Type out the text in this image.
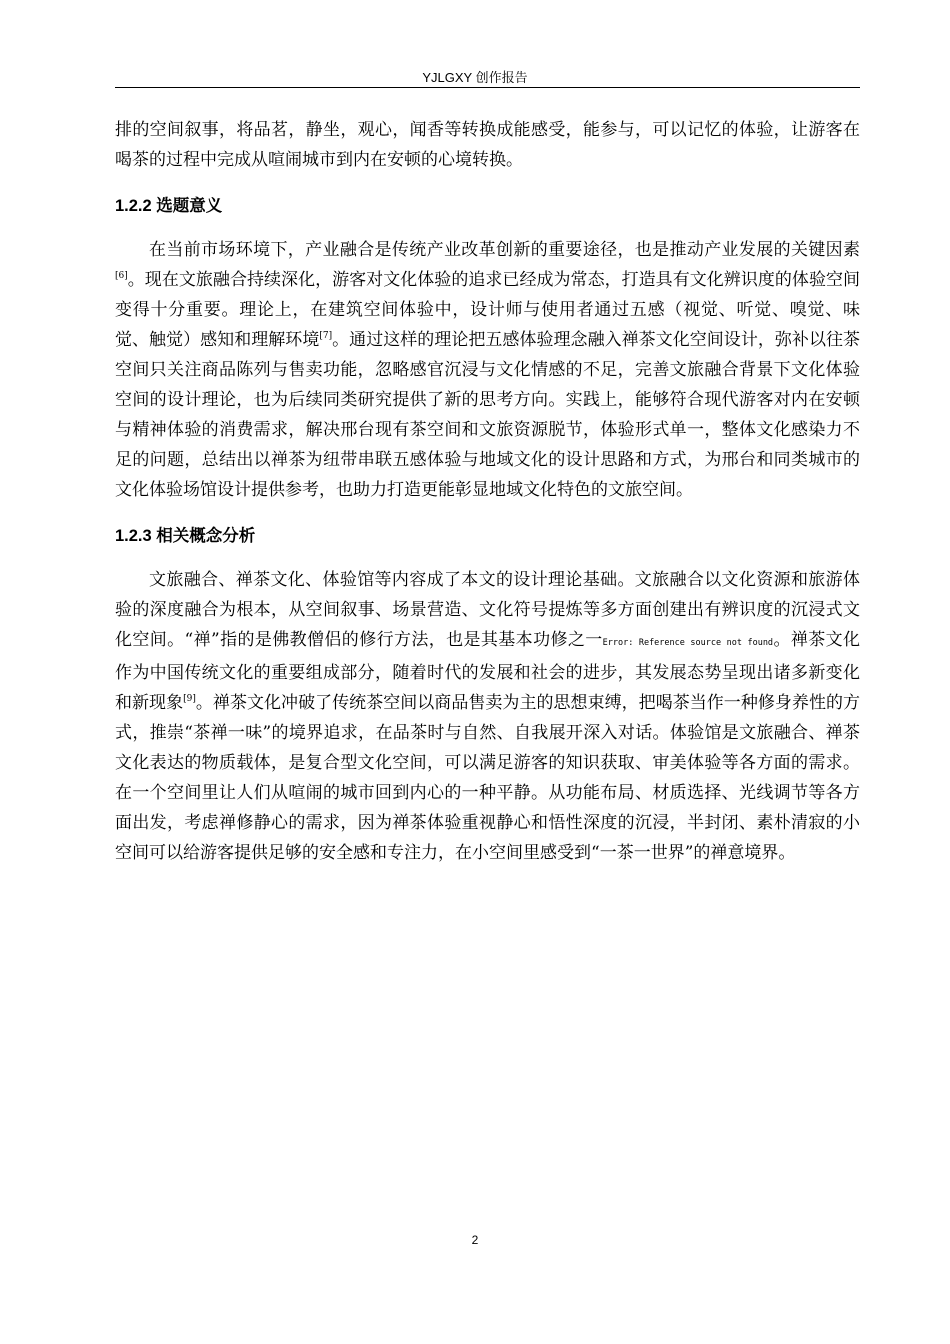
YJLGXY 创作报告

排的空间叙事，将品茗，静坐，观心，闻香等转换成能感受，能参与，可以记忆的体验，让游客在喝茶的过程中完成从喧闹城市到内在安顿的心境转换。

1.2.2 选题意义

在当前市场环境下，产业融合是传统产业改革创新的重要途径，也是推动产业发展的关键因素[6]。现在文旅融合持续深化，游客对文化体验的追求已经成为常态，打造具有文化辨识度的体验空间变得十分重要。理论上，在建筑空间体验中，设计师与使用者通过五感（视觉、听觉、嗅觉、味觉、触觉）感知和理解环境[7]。通过这样的理论把五感体验理念融入禅茶文化空间设计，弥补以往茶空间只关注商品陈列与售卖功能，忽略感官沉浸与文化情感的不足，完善文旅融合背景下文化体验空间的设计理论，也为后续同类研究提供了新的思考方向。实践上，能够符合现代游客对内在安顿与精神体验的消费需求，解决邢台现有茶空间和文旅资源脱节，体验形式单一，整体文化感染力不足的问题，总结出以禅茶为纽带串联五感体验与地域文化的设计思路和方式，为邢台和同类城市的文化体验场馆设计提供参考，也助力打造更能彰显地域文化特色的文旅空间。

1.2.3 相关概念分析

文旅融合、禅茶文化、体验馆等内容成了本文的设计理论基础。文旅融合以文化资源和旅游体验的深度融合为根本，从空间叙事、场景营造、文化符号提炼等多方面创建出有辨识度的沉浸式文化空间。“禅”指的是佛教僧侣的修行方法，也是其基本功修之一Error: Reference source not found。禅茶文化作为中国传统文化的重要组成部分，随着时代的发展和社会的进步，其发展态势呈现出诸多新变化和新现象[9]。禅茶文化冲破了传统茶空间以商品售卖为主的思想束缚，把喝茶当作一种修身养性的方式，推崇“茶禅一味”的境界追求，在品茶时与自然、自我展开深入对话。体验馆是文旅融合、禅茶文化表达的物质载体，是复合型文化空间，可以满足游客的知识获取、审美体验等各方面的需求。在一个空间里让人们从喧闹的城市回到内心的一种平静。从功能布局、材质选择、光线调节等各方面出发，考虑禅修静心的需求，因为禅茶体验重视静心和悟性深度的沉浸，半封闭、素朴清寂的小空间可以给游客提供足够的安全感和专注力，在小空间里感受到“一茶一世界”的禅意境界。

2
